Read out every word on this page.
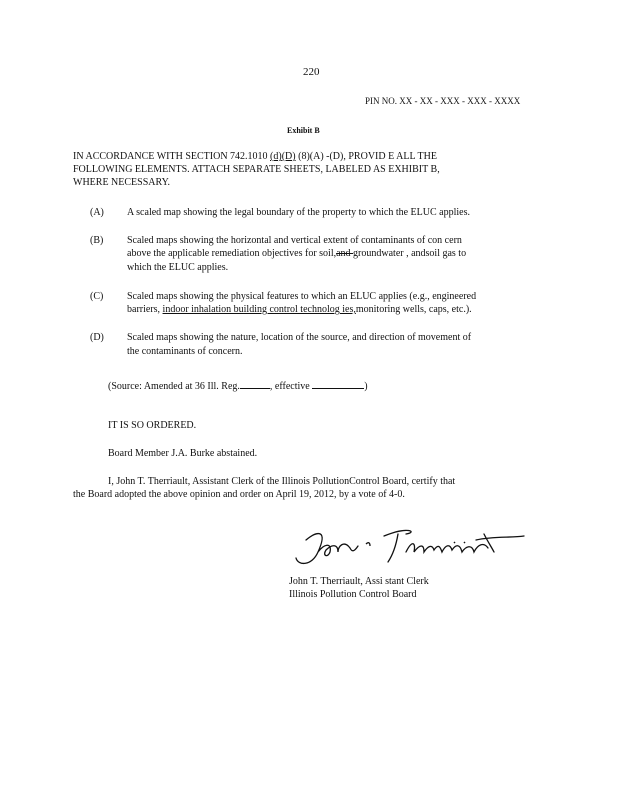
220
PIN NO. XX - XX - XXX - XXX - XXXX
Exhibit B
IN ACCORDANCE WITH SECTION 742.1010 (d)(D) (8)(A) -(D), PROVID E ALL THE
FOLLOWING ELEMENTS. ATTACH SEPARATE SHEETS, LABELED AS EXHIBIT B,
WHERE NECESSARY.
(A) A scaled map showing the legal boundary of the property to which the ELUC applies.
(B) Scaled maps showing the horizontal and vertical extent of contaminants of con cern
above the applicable remediation objectives for soil,and groundwater , andsoil gas to
which the ELUC applies.
(C) Scaled maps showing the physical features to which an ELUC applies (e.g., engineered
barriers, indoor inhalation building control technolog ies,monitoring wells, caps, etc.).
(D) Scaled maps showing the nature, location of the source, and direction of movement of
the contaminants of concern.
(Source: Amended at 36 Ill. Reg.	, effective	)
IT IS SO ORDERED.
Board Member J.A. Burke abstained.
I, John T. Therriault, Assistant Clerk of the Illinois PollutionControl Board, certify that
the Board adopted the above opinion and order on April 19, 2012, by a vote of 4-0.
John T. Therriault, Assi stant Clerk
Illinois Pollution Control Board
